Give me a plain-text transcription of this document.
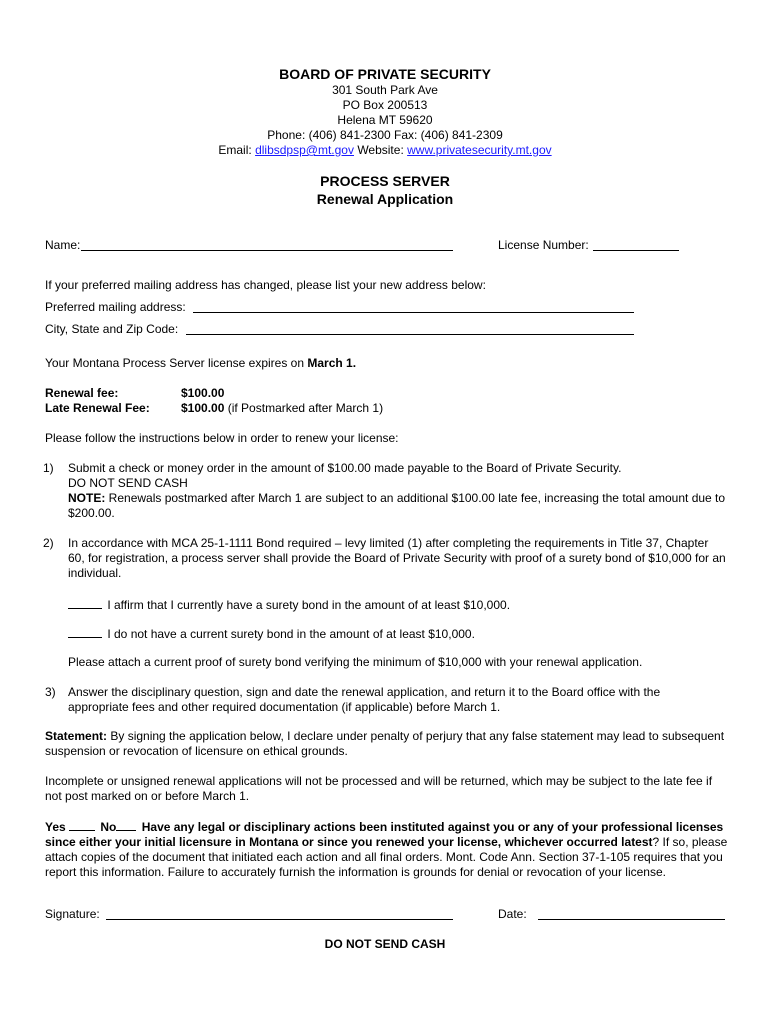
BOARD OF PRIVATE SECURITY
301 South Park Ave
PO Box 200513
Helena MT 59620
Phone: (406) 841-2300 Fax: (406) 841-2309
Email: dlibsdpsp@mt.gov Website: www.privatesecurity.mt.gov
PROCESS SERVER
Renewal Application
Name:	License Number:
If your preferred mailing address has changed, please list your new address below:
Preferred mailing address:
City, State and Zip Code:
Your Montana Process Server license expires on March 1.
Renewal fee:	$100.00
Late Renewal Fee:	$100.00 (if Postmarked after March 1)
Please follow the instructions below in order to renew your license:
1) Submit a check or money order in the amount of $100.00 made payable to the Board of Private Security.
DO NOT SEND CASH
NOTE: Renewals postmarked after March 1 are subject to an additional $100.00 late fee, increasing the total amount due to $200.00.
2) In accordance with MCA 25-1-1111 Bond required – levy limited (1) after completing the requirements in Title 37, Chapter 60, for registration, a process server shall provide the Board of Private Security with proof of a surety bond of $10,000 for an individual.
I affirm that I currently have a surety bond in the amount of at least $10,000.
I do not have a current surety bond in the amount of at least $10,000.
Please attach a current proof of surety bond verifying the minimum of $10,000 with your renewal application.
3) Answer the disciplinary question, sign and date the renewal application, and return it to the Board office with the appropriate fees and other required documentation (if applicable) before March 1.
Statement: By signing the application below, I declare under penalty of perjury that any false statement may lead to subsequent suspension or revocation of licensure on ethical grounds.
Incomplete or unsigned renewal applications will not be processed and will be returned, which may be subject to the late fee if not post marked on or before March 1.
Yes	No Have any legal or disciplinary actions been instituted against you or any of your professional licenses since either your initial licensure in Montana or since you renewed your license, whichever occurred latest? If so, please attach copies of the document that initiated each action and all final orders. Mont. Code Ann. Section 37-1-105 requires that you report this information. Failure to accurately furnish the information is grounds for denial or revocation of your license.
Signature:	Date:
DO NOT SEND CASH
